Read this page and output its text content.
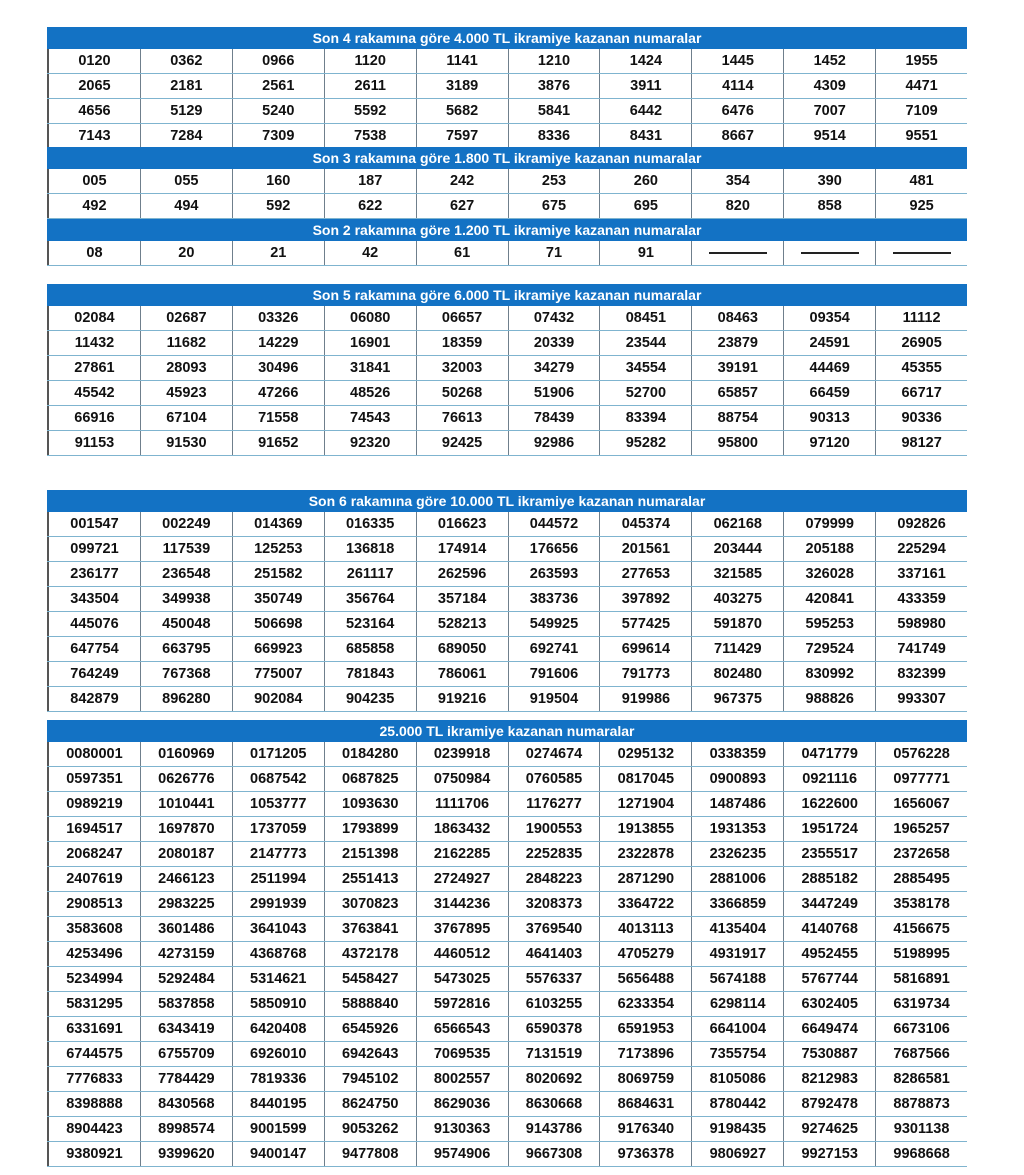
Son 4 rakamına göre 4.000 TL ikramiye kazanan numaralar
0120	0362	0966	1120	1141	1210	1424	1445	1452	1955
2065	2181	2561	2611	3189	3876	3911	4114	4309	4471
4656	5129	5240	5592	5682	5841	6442	6476	7007	7109
7143	7284	7309	7538	7597	8336	8431	8667	9514	9551
Son 3 rakamına göre 1.800 TL ikramiye kazanan numaralar
005	055	160	187	242	253	260	354	390	481
492	494	592	622	627	675	695	820	858	925
Son 2 rakamına göre 1.200 TL ikramiye kazanan numaralar
08	20	21	42	61	71	91
Son 5 rakamına göre 6.000 TL ikramiye kazanan numaralar
02084	02687	03326	06080	06657	07432	08451	08463	09354	11112
11432	11682	14229	16901	18359	20339	23544	23879	24591	26905
27861	28093	30496	31841	32003	34279	34554	39191	44469	45355
45542	45923	47266	48526	50268	51906	52700	65857	66459	66717
66916	67104	71558	74543	76613	78439	83394	88754	90313	90336
91153	91530	91652	92320	92425	92986	95282	95800	97120	98127
Son 6 rakamına göre 10.000 TL ikramiye kazanan numaralar
001547	002249	014369	016335	016623	044572	045374	062168	079999	092826
099721	117539	125253	136818	174914	176656	201561	203444	205188	225294
236177	236548	251582	261117	262596	263593	277653	321585	326028	337161
343504	349938	350749	356764	357184	383736	397892	403275	420841	433359
445076	450048	506698	523164	528213	549925	577425	591870	595253	598980
647754	663795	669923	685858	689050	692741	699614	711429	729524	741749
764249	767368	775007	781843	786061	791606	791773	802480	830992	832399
842879	896280	902084	904235	919216	919504	919986	967375	988826	993307
25.000 TL ikramiye kazanan numaralar
0080001	0160969	0171205	0184280	0239918	0274674	0295132	0338359	0471779	0576228
0597351	0626776	0687542	0687825	0750984	0760585	0817045	0900893	0921116	0977771
0989219	1010441	1053777	1093630	1111706	1176277	1271904	1487486	1622600	1656067
1694517	1697870	1737059	1793899	1863432	1900553	1913855	1931353	1951724	1965257
2068247	2080187	2147773	2151398	2162285	2252835	2322878	2326235	2355517	2372658
2407619	2466123	2511994	2551413	2724927	2848223	2871290	2881006	2885182	2885495
2908513	2983225	2991939	3070823	3144236	3208373	3364722	3366859	3447249	3538178
3583608	3601486	3641043	3763841	3767895	3769540	4013113	4135404	4140768	4156675
4253496	4273159	4368768	4372178	4460512	4641403	4705279	4931917	4952455	5198995
5234994	5292484	5314621	5458427	5473025	5576337	5656488	5674188	5767744	5816891
5831295	5837858	5850910	5888840	5972816	6103255	6233354	6298114	6302405	6319734
6331691	6343419	6420408	6545926	6566543	6590378	6591953	6641004	6649474	6673106
6744575	6755709	6926010	6942643	7069535	7131519	7173896	7355754	7530887	7687566
7776833	7784429	7819336	7945102	8002557	8020692	8069759	8105086	8212983	8286581
8398888	8430568	8440195	8624750	8629036	8630668	8684631	8780442	8792478	8878873
8904423	8998574	9001599	9053262	9130363	9143786	9176340	9198435	9274625	9301138
9380921	9399620	9400147	9477808	9574906	9667308	9736378	9806927	9927153	9968668
